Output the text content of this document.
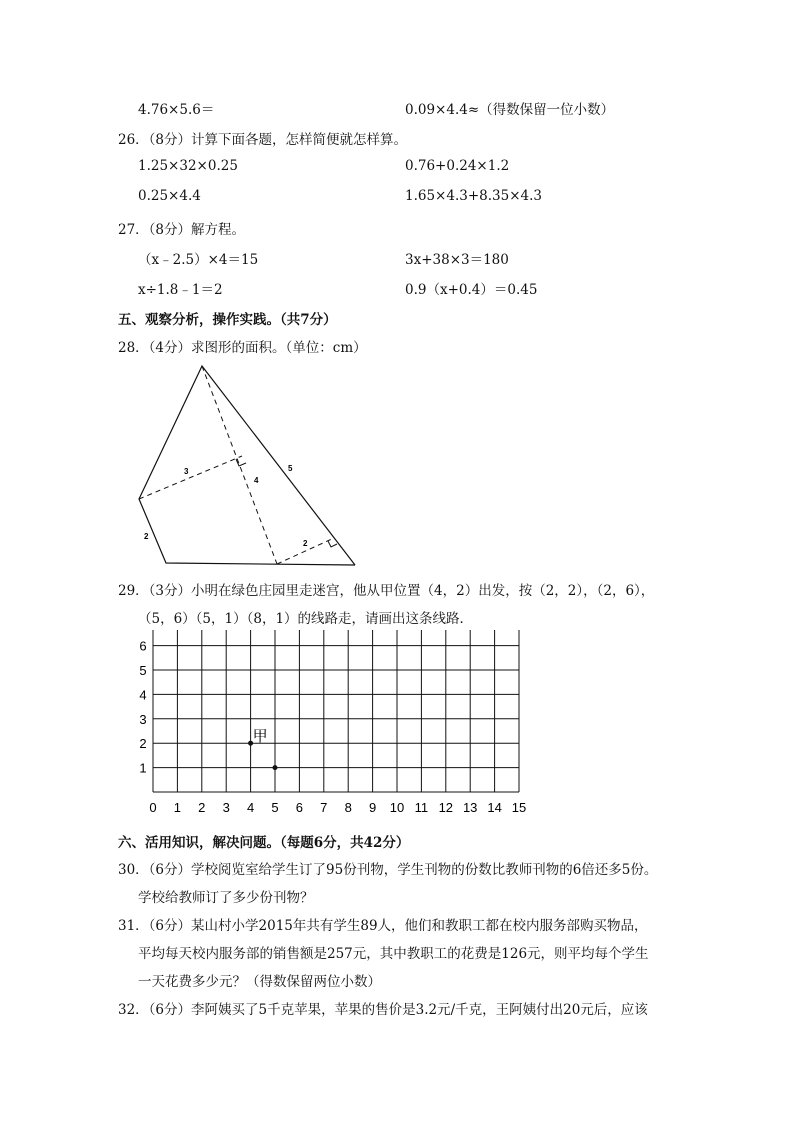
4.76×5.6＝	0.09×4.4≈（得数保留一位小数）
26．（8分）计算下面各题，怎样简便就怎样算。
1.25×32×0.25	0.76+0.24×1.2
0.25×4.4	1.65×4.3+8.35×4.3
27．（8分）解方程。
（x﹣2.5）×4＝15	3x+38×3＝180
x÷1.8﹣1＝2	0.9（x+0.4）＝0.45
五、观察分析，操作实践。（共7分）
28．（4分）求图形的面积。（单位：cm）
3
4
5
2
2
29．（3分）小明在绿色庄园里走迷宫，他从甲位置（4，2）出发，按（2，2），（2，6），
（5，6）（5，1）（8，1）的线路走，请画出这条线路．
0 1 2 3 4 5 6 7 8 9 10 11 12 13 14 15
1
2
3
4
5
6
甲
六、活用知识，解决问题。（每题6分，共42分）
30．（6分）学校阅览室给学生订了95份刊物，学生刊物的份数比教师刊物的6倍还多5份。
学校给教师订了多少份刊物？
31．（6分）某山村小学2015年共有学生89人，他们和教职工都在校内服务部购买物品，
平均每天校内服务部的销售额是257元，其中教职工的花费是126元，则平均每个学生
一天花费多少元？（得数保留两位小数）
32．（6分）李阿姨买了5千克苹果，苹果的售价是3.2元/千克，王阿姨付出20元后，应该
